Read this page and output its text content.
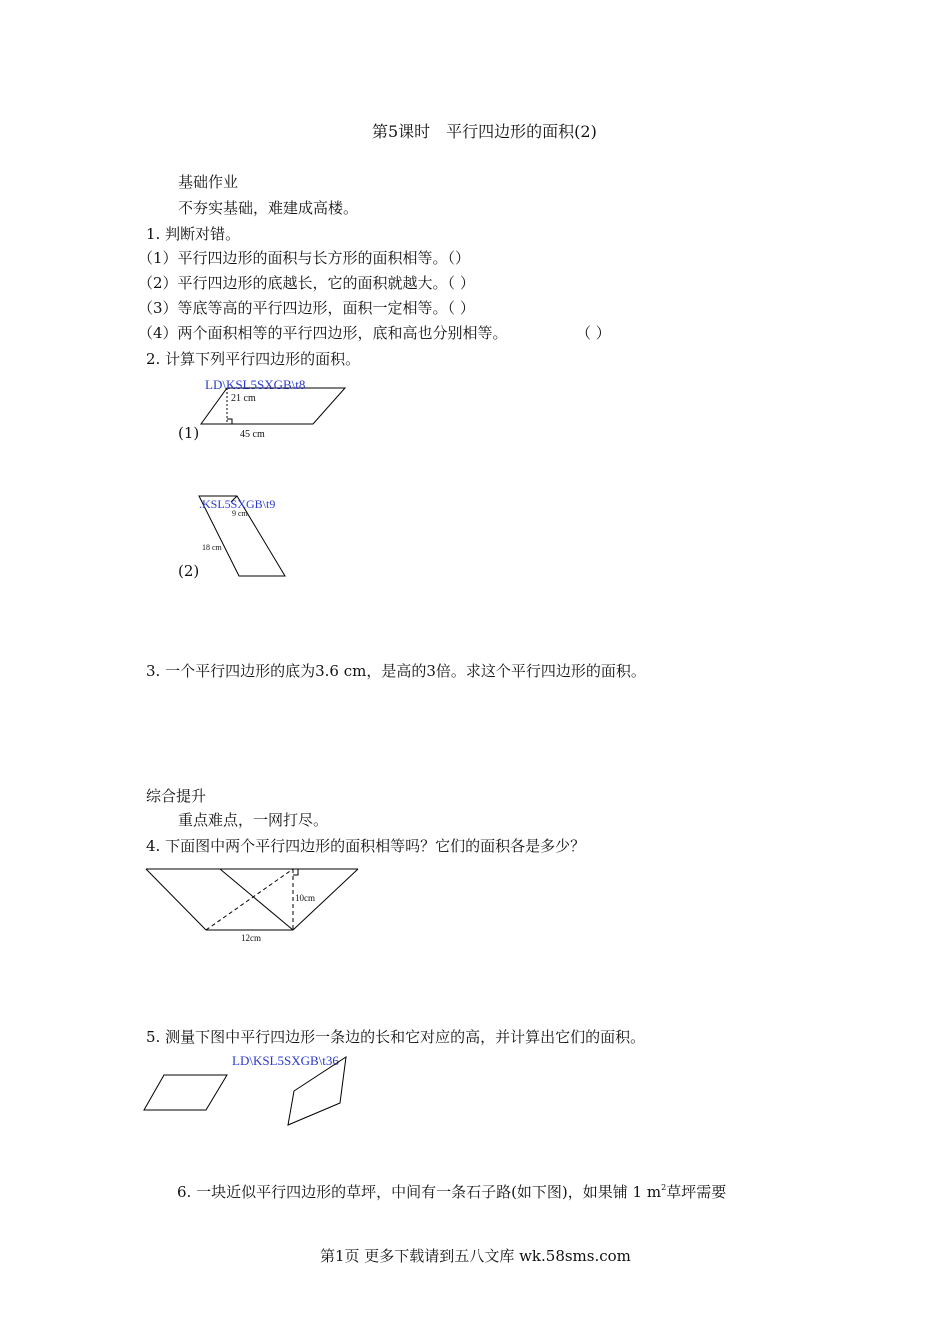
第5课时　平行四边形的面积(2)
基础作业
不夯实基础，难建成高楼。
1. 判断对错。
（1）平行四边形的面积与长方形的面积相等。（）
（2）平行四边形的底越长，它的面积就越大。（ ）
（3）等底等高的平行四边形，面积一定相等。（ ）
（4）两个面积相等的平行四边形，底和高也分别相等。	（ ）
2. 计算下列平行四边形的面积。
(1)
LD\KSL5SXGB\t8
21 cm
45 cm
(2)
.KSL5SXGB\t9
9 cm
18 cm
3. 一个平行四边形的底为3.6 cm，是高的3倍。求这个平行四边形的面积。
综合提升
重点难点，一网打尽。
4. 下面图中两个平行四边形的面积相等吗？它们的面积各是多少？
10cm
12cm
5. 测量下图中平行四边形一条边的长和它对应的高，并计算出它们的面积。
LD\KSL5SXGB\t36
6. 一块近似平行四边形的草坪，中间有一条石子路(如下图)，如果铺 1 $m^2$草坪需要
第1页 更多下载请到五八文库 wk.58sms.com
